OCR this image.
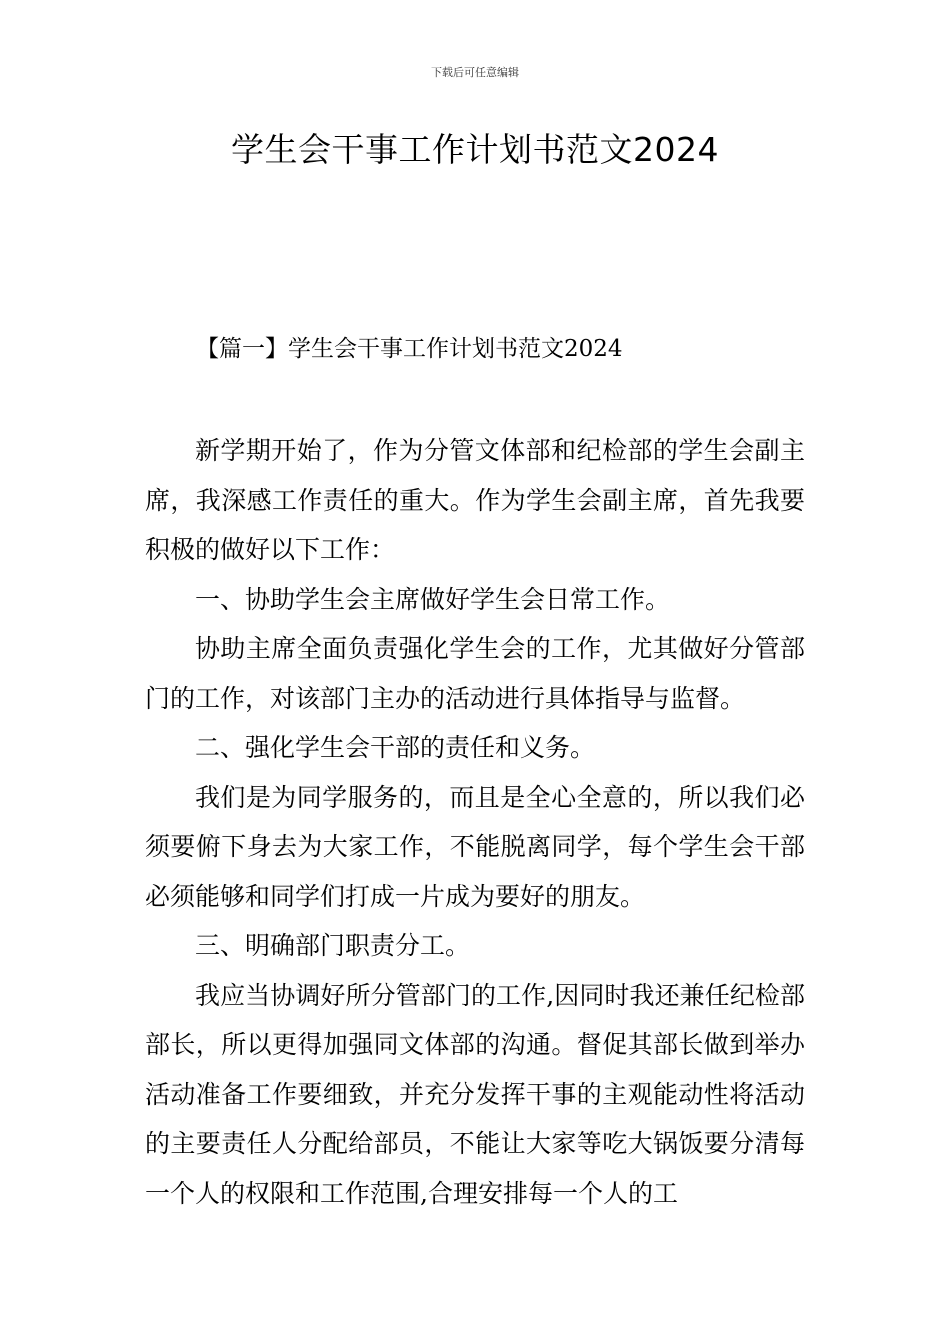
下载后可任意编辑
学生会干事工作计划书范文2024
【篇一】学生会干事工作计划书范文2024

新学期开始了，作为分管文体部和纪检部的学生会副主席，我深感工作责任的重大。作为学生会副主席，首先我要积极的做好以下工作：

一、协助学生会主席做好学生会日常工作。

协助主席全面负责强化学生会的工作，尤其做好分管部门的工作，对该部门主办的活动进行具体指导与监督。

二、强化学生会干部的责任和义务。

我们是为同学服务的，而且是全心全意的，所以我们必须要俯下身去为大家工作，不能脱离同学，每个学生会干部必须能够和同学们打成一片成为要好的朋友。

三、明确部门职责分工。

我应当协调好所分管部门的工作,因同时我还兼任纪检部部长，所以更得加强同文体部的沟通。督促其部长做到举办活动准备工作要细致，并充分发挥干事的主观能动性将活动的主要责任人分配给部员，不能让大家等吃大锅饭要分清每一个人的权限和工作范围,合理安排每一个人的工
